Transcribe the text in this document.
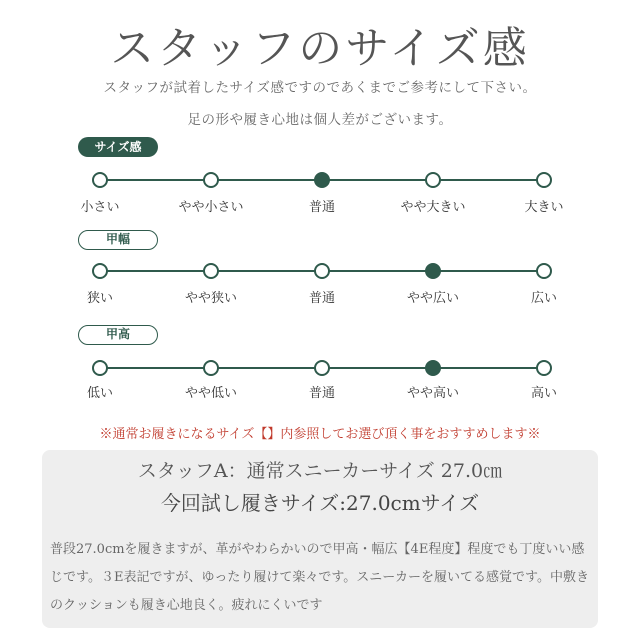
スタッフのサイズ感
スタッフが試着したサイズ感ですのであくまでご参考にして下さい。
足の形や履き心地は個人差がございます。
サイズ感
小さい	やや小さい	普通	やや大きい	大きい
甲幅
狭い	やや狭い	普通	やや広い	広い
甲高
低い	やや低い	普通	やや高い	高い
※通常お履きになるサイズ【】内参照してお選び頂く事をおすすめします※
スタッフA：通常スニーカーサイズ 27.0㎝
今回試し履きサイズ:27.0cmサイズ
普段27.0cmを履きますが、革がやわらかいので甲高・幅広【4E程度】程度でも丁度いい感じです。３E表記ですが、ゆったり履けて楽々です。スニーカーを履いてる感覚です。中敷きのクッションも履き心地良く。疲れにくいです
